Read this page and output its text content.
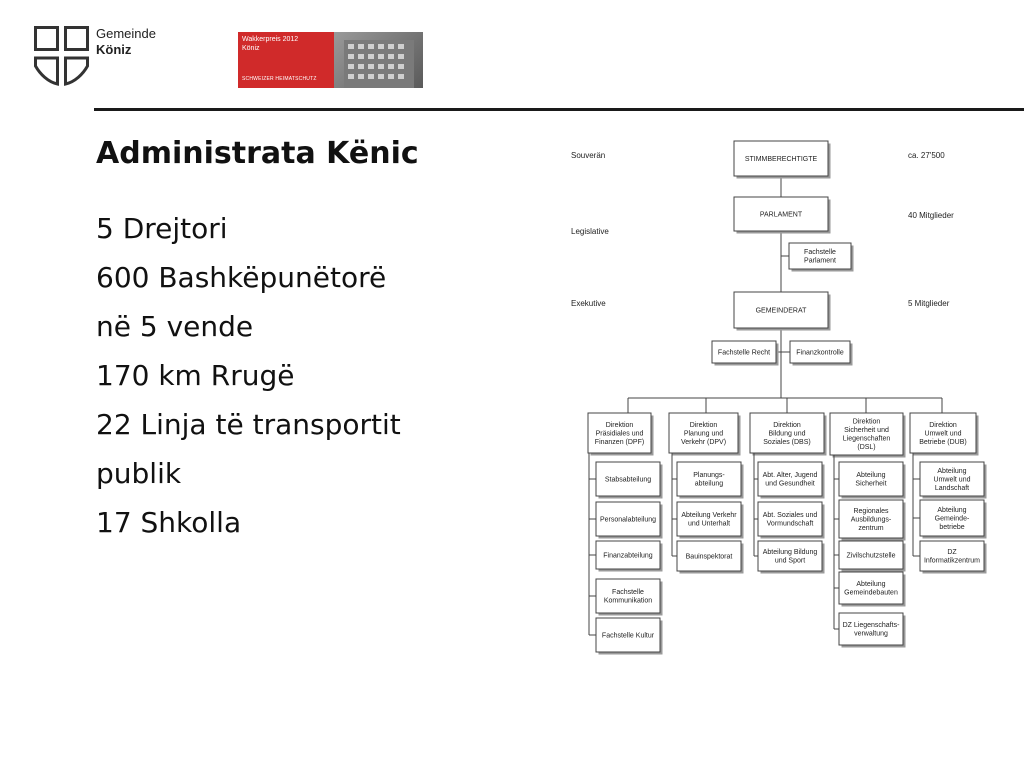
Gemeinde
Köniz
Wakkerpreis 2012
Köniz
SCHWEIZER HEIMATSCHUTZ
Administrata Kënic
5 Drejtori
600 Bashkëpunëtorë
në 5 vende
170 km Rrugë
22 Linja të transportit
publik
17 Shkolla
Souverän
Legislative
Exekutive
ca. 27'500
40 Mitglieder
5 Mitglieder
STIMMBERECHTIGTE
PARLAMENT
Fachstelle
Parlament
GEMEINDERAT
Fachstelle Recht	Finanzkontrolle
Direktion
Präsidiales und
Finanzen (DPF)
Stabsabteilung
Personalabteilung
Finanzabteilung
Fachstelle
Kommunikation
Fachstelle Kultur
Direktion
Planung und
Verkehr (DPV)
Planungs-
abteilung
Abteilung Verkehr
und Unterhalt
Bauinspektorat
Direktion
Bildung und
Soziales (DBS)
Abt. Alter, Jugend
und Gesundheit
Abt. Soziales und
Vormundschaft
Abteilung Bildung
und Sport
Direktion
Sicherheit und
Liegenschaften
(DSL)
Abteilung
Sicherheit
Regionales
Ausbildungs-
zentrum
Zivilschutzstelle
Abteilung
Gemeindebauten
DZ Liegenschafts-
verwaltung
Direktion
Umwelt und
Betriebe (DUB)
Abteilung
Umwelt und
Landschaft
Abteilung
Gemeinde-
betriebe
DZ
Informatikzentrum
